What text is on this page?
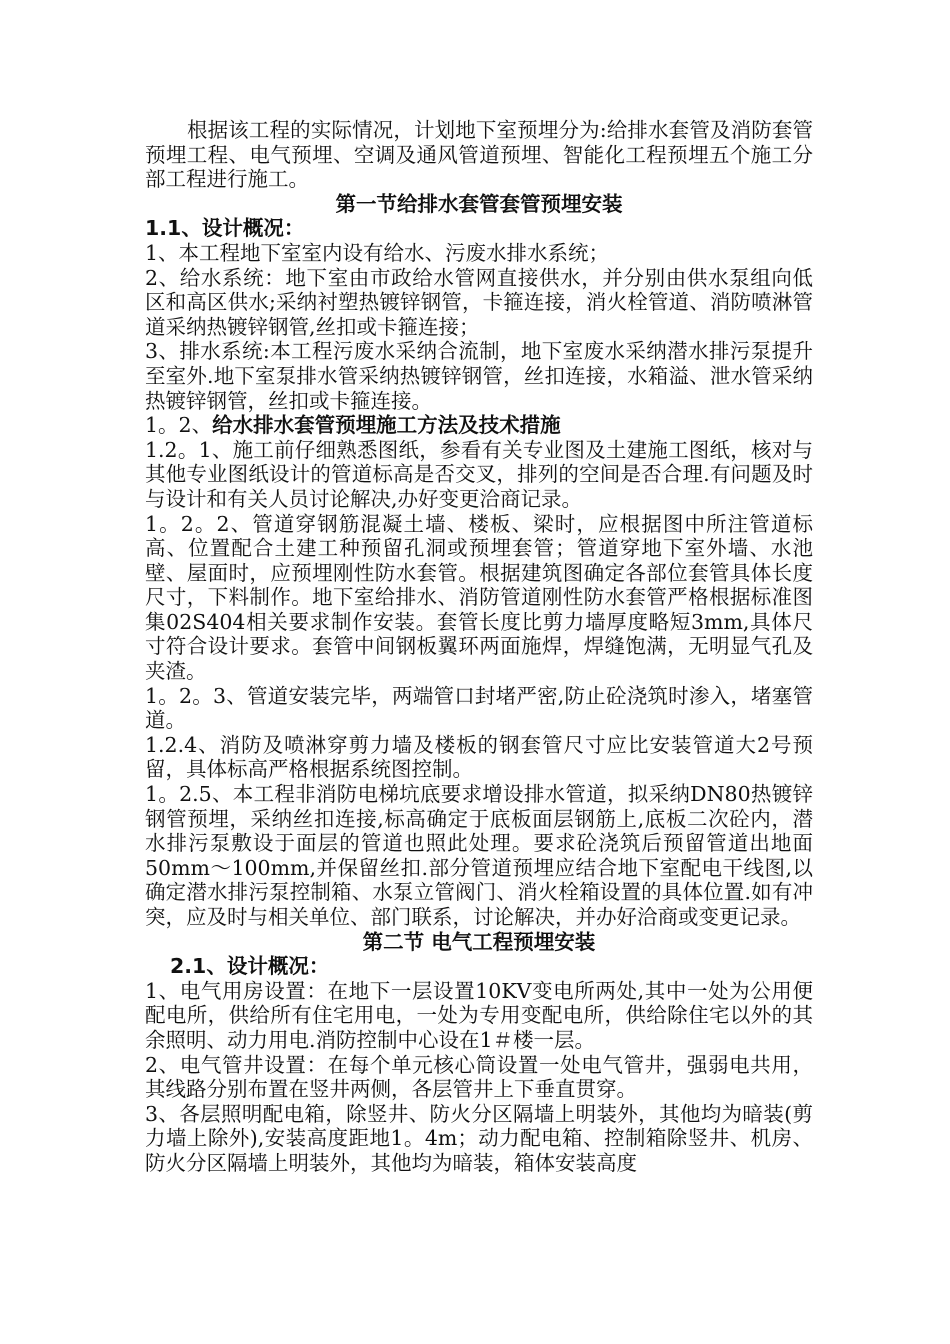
根据该工程的实际情况，计划地下室预埋分为:给排水套管及消防套管预埋工程、电气预埋、空调及通风管道预埋、智能化工程预埋五个施工分部工程进行施工。

第一节给排水套管套管预埋安装

1.1、设计概况：

1、本工程地下室室内设有给水、污废水排水系统；

2、给水系统：地下室由市政给水管网直接供水，并分别由供水泵组向低区和高区供水;采纳衬塑热镀锌钢管，卡箍连接，消火栓管道、消防喷淋管道采纳热镀锌钢管,丝扣或卡箍连接；

3、排水系统:本工程污废水采纳合流制，地下室废水采纳潜水排污泵提升至室外.地下室泵排水管采纳热镀锌钢管，丝扣连接，水箱溢、泄水管采纳热镀锌钢管，丝扣或卡箍连接。

1。2、给水排水套管预埋施工方法及技术措施

1.2。1、施工前仔细熟悉图纸，参看有关专业图及土建施工图纸，核对与其他专业图纸设计的管道标高是否交叉，排列的空间是否合理.有问题及时与设计和有关人员讨论解决,办好变更洽商记录。

1。2。2、管道穿钢筋混凝土墙、楼板、梁时，应根据图中所注管道标高、位置配合土建工种预留孔洞或预埋套管；管道穿地下室外墙、水池壁、屋面时，应预埋刚性防水套管。根据建筑图确定各部位套管具体长度尺寸，下料制作。地下室给排水、消防管道刚性防水套管严格根据标准图集02S404相关要求制作安装。套管长度比剪力墙厚度略短3mm,具体尺寸符合设计要求。套管中间钢板翼环两面施焊，焊缝饱满，无明显气孔及夹渣。

1。2。3、管道安装完毕，两端管口封堵严密,防止砼浇筑时渗入，堵塞管道。

1.2.4、消防及喷淋穿剪力墙及楼板的钢套管尺寸应比安装管道大2号预留，具体标高严格根据系统图控制。

1。2.5、本工程非消防电梯坑底要求增设排水管道，拟采纳DN80热镀锌钢管预埋，采纳丝扣连接,标高确定于底板面层钢筋上,底板二次砼内，潜水排污泵敷设于面层的管道也照此处理。要求砼浇筑后预留管道出地面50mm～100mm,并保留丝扣.部分管道预埋应结合地下室配电干线图,以确定潜水排污泵控制箱、水泵立管阀门、消火栓箱设置的具体位置.如有冲突，应及时与相关单位、部门联系，讨论解决，并办好洽商或变更记录。

第二节 电气工程预埋安装

2.1、设计概况：

1、电气用房设置：在地下一层设置10KV变电所两处,其中一处为公用便配电所，供给所有住宅用电，一处为专用变配电所，供给除住宅以外的其余照明、动力用电.消防控制中心设在1＃楼一层。

2、电气管井设置：在每个单元核心筒设置一处电气管井，强弱电共用，其线路分别布置在竖井两侧，各层管井上下垂直贯穿。

3、各层照明配电箱，除竖井、防火分区隔墙上明装外，其他均为暗装(剪力墙上除外),安装高度距地1。4m；动力配电箱、控制箱除竖井、机房、防火分区隔墙上明装外，其他均为暗装，箱体安装高度
